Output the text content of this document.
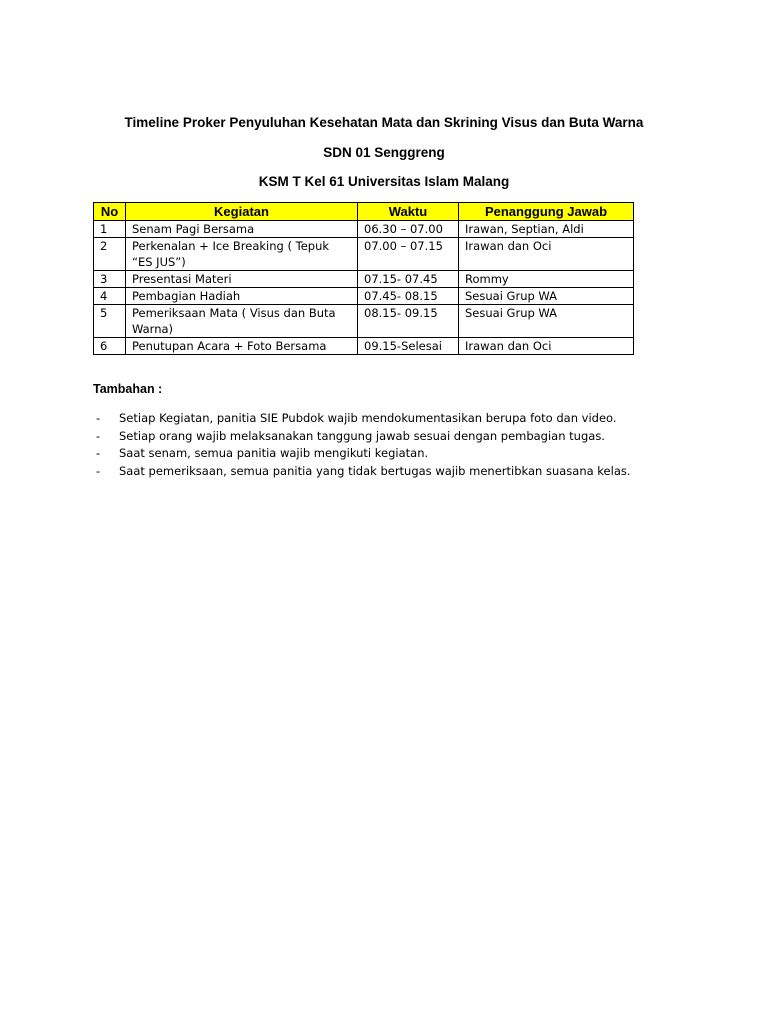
Timeline Proker Penyuluhan Kesehatan Mata dan Skrining Visus dan Buta Warna
SDN 01 Senggreng
KSM T Kel 61 Universitas Islam Malang
No	Kegiatan	Waktu	Penanggung Jawab
1	Senam Pagi Bersama	06.30 – 07.00	Irawan, Septian, Aldi
2	Perkenalan + Ice Breaking ( Tepuk “ES JUS”)	07.00 – 07.15	Irawan dan Oci
3	Presentasi Materi	07.15- 07.45	Rommy
4	Pembagian Hadiah	07.45- 08.15	Sesuai Grup WA
5	Pemeriksaan Mata ( Visus dan Buta Warna)	08.15- 09.15	Sesuai Grup WA
6	Penutupan Acara + Foto Bersama	09.15-Selesai	Irawan dan Oci
Tambahan :
- Setiap Kegiatan, panitia SIE Pubdok wajib mendokumentasikan berupa foto dan video.
- Setiap orang wajib melaksanakan tanggung jawab sesuai dengan pembagian tugas.
- Saat senam, semua panitia wajib mengikuti kegiatan.
- Saat pemeriksaan, semua panitia yang tidak bertugas wajib menertibkan suasana kelas.
